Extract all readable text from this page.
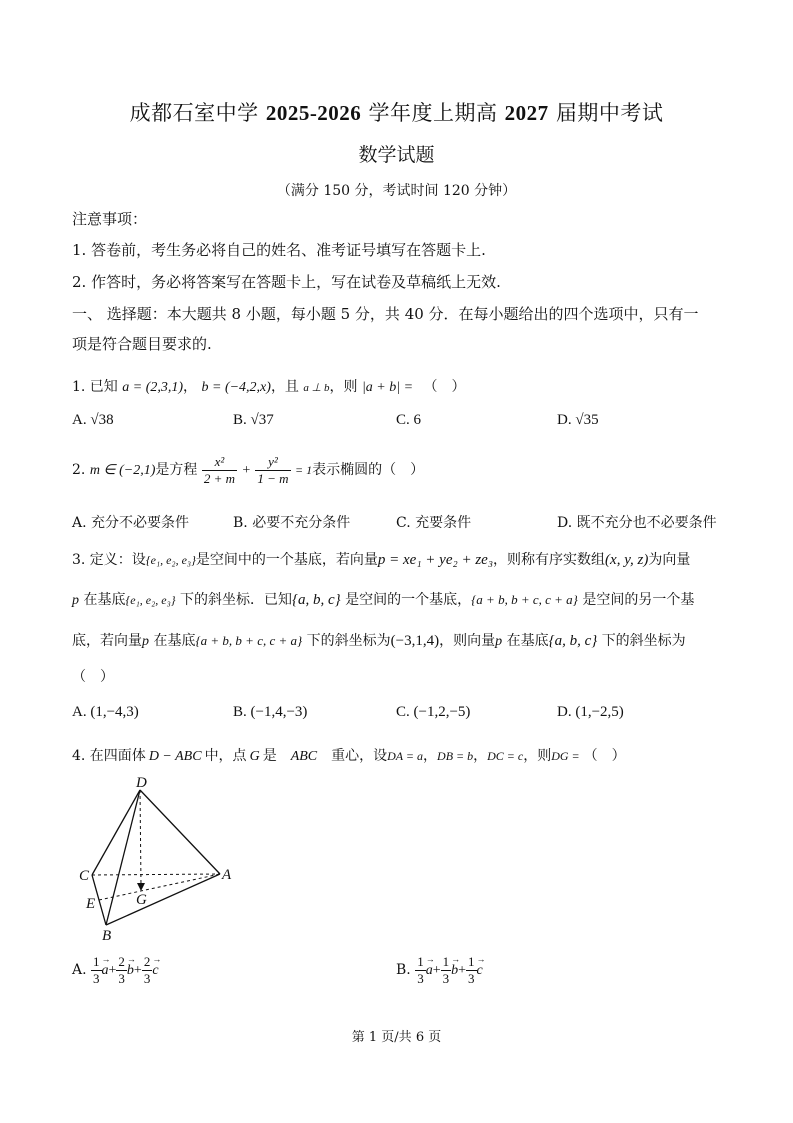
成都石室中学 2025-2026 学年度上期高 2027 届期中考试
数学试题
（满分 150 分，考试时间 120 分钟）
注意事项：
1. 答卷前，考生务必将自己的姓名、准考证号填写在答题卡上.
2. 作答时，务必将答案写在答题卡上，写在试卷及草稿纸上无效.
一、 选择题：本大题共 8 小题，每小题 5 分，共 40 分．在每小题给出的四个选项中，只有一
项是符合题目要求的.
1. 已知 a = (2,3,1)， b = (−4,2,x)，且 a ⊥ b，则 |a + b| = （　）
A. √38	B. √37	C. 6	D. √35
2. m ∈ (−2,1)是方程 $\frac{\text{x²}}{2 + m} + \frac{\text{y²}}{1 - m} = 1$表示椭圆的（　）
A. 充分不必要条件	B. 必要不充分条件	C. 充要条件	D. 既不充分也不必要条件
3. 定义：设{e₁, e₂, e₃}是空间中的一个基底，若向量p = xe₁ + ye₂ + ze₃，则称有序实数组(x, y, z)为向量
p 在基底{e₁, e₂, e₃} 下的斜坐标．已知{a, b, c} 是空间的一个基底，{a + b, b + c, c + a} 是空间的另一个基
底，若向量p 在基底{a + b, b + c, c + a} 下的斜坐标为(−3,1,4)，则向量p 在基底{a, b, c} 下的斜坐标为
（　）
A. (1,−4,3)	B. (−1,4,−3)	C. (−1,2,−5)	D. (1,−2,5)
4. 在四面体 D − ABC 中，点 G 是 ABC 重心，设DA = a，DB = b，DC = c，则DG = （　）
D
C	A
E	G
B
A. $\frac{1}{3}$
→ $a+ \frac{2}{3}$
→ $b+ \frac{2}{3}$
→ c	B. $\frac{1}{3}$
→ $a+ \frac{1}{3}$
→ $b+ \frac{1}{3}$
→ c
第 1 页/共 6 页
